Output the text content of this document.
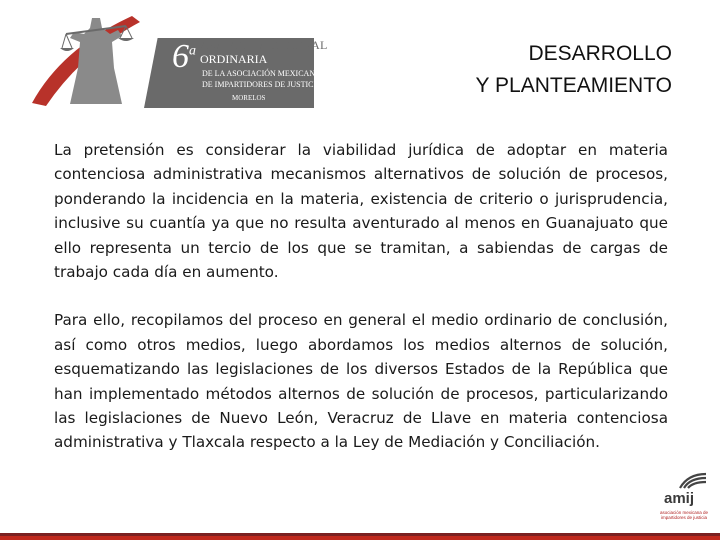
6$^a$ ASAMBLEA GENERAL
ORDINARIA
DE LA ASOCIACIÓN MEXICANA
DE IMPARTIDORES DE JUSTICIA
MORELOS
DESARROLLO
Y PLANTEAMIENTO

La pretensión es considerar la viabilidad jurídica de adoptar en materia contenciosa administrativa mecanismos alternativos de solución de procesos, ponderando la incidencia en la materia, existencia de criterio o jurisprudencia, inclusive su cuantía ya que no resulta aventurado al menos en Guanajuato que ello representa un tercio de los que se tramitan, a sabiendas de cargas de trabajo cada día en aumento.

Para ello, recopilamos del proceso en general el medio ordinario de conclusión, así como otros medios, luego abordamos los medios alternos de solución, esquematizando las legislaciones de los diversos Estados de la República que han implementado métodos alternos de solución de procesos, particularizando las legislaciones de Nuevo León, Veracruz de Llave en materia contenciosa administrativa y Tlaxcala respecto a la Ley de Mediación y Conciliación.

amij
asociación mexicana de impartidores de justicia
